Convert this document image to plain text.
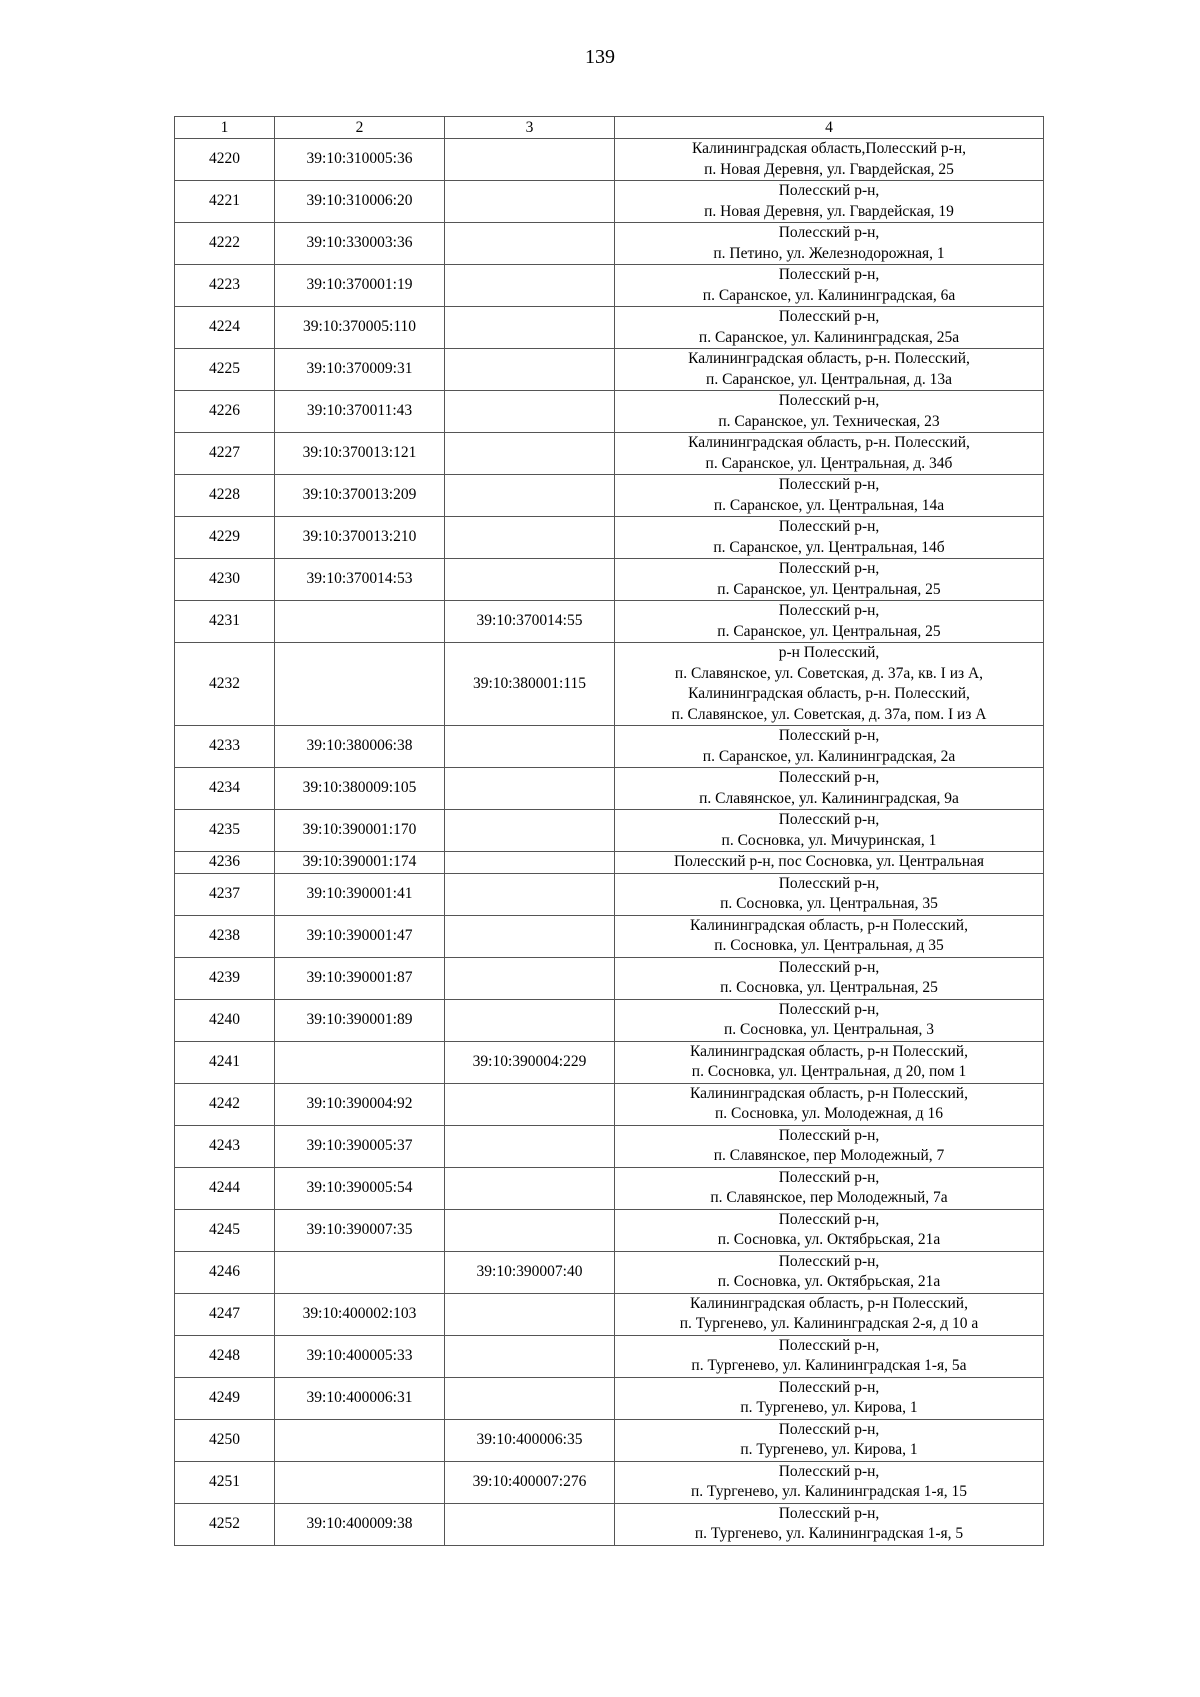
139
1	2	3	4
4220	39:10:310005:36		Калининградская область,Полесский р-н,
п. Новая Деревня, ул. Гвардейская, 25

4221	39:10:310006:20		Полесский р-н,
п. Новая Деревня, ул. Гвардейская, 19

4222	39:10:330003:36		Полесский р-н,
п. Петино, ул. Железнодорожная, 1

4223	39:10:370001:19		Полесский р-н,
п. Саранское, ул. Калининградская, 6а

4224	39:10:370005:110		Полесский р-н,
п. Саранское, ул. Калининградская, 25а

4225	39:10:370009:31		Калининградская область, р-н. Полесский,
п. Саранское, ул. Центральная, д. 13а

4226	39:10:370011:43		Полесский р-н,
п. Саранское, ул. Техническая, 23

4227	39:10:370013:121		Калининградская область, р-н. Полесский,
п. Саранское, ул. Центральная, д. 34б

4228	39:10:370013:209		Полесский р-н,
п. Саранское, ул. Центральная, 14а

4229	39:10:370013:210		Полесский р-н,
п. Саранское, ул. Центральная, 14б

4230	39:10:370014:53		Полесский р-н,
п. Саранское, ул. Центральная, 25

4231		39:10:370014:55	Полесский р-н,
п. Саранское, ул. Центральная, 25

4232		39:10:380001:115	р-н Полесский,
п. Славянское, ул. Советская, д. 37а, кв. I из А,
Калининградская область, р-н. Полесский,
п. Славянское, ул. Советская, д. 37а, пом. I из А

4233	39:10:380006:38		Полесский р-н,
п. Саранское, ул. Калининградская, 2а

4234	39:10:380009:105		Полесский р-н,
п. Славянское, ул. Калининградская, 9а

4235	39:10:390001:170		Полесский р-н,
п. Сосновка, ул. Мичуринская, 1

4236	39:10:390001:174		Полесский р-н, пос Сосновка, ул. Центральная

4237	39:10:390001:41		Полесский р-н,
п. Сосновка, ул. Центральная, 35

4238	39:10:390001:47		Калининградская область, р-н Полесский,
п. Сосновка, ул. Центральная, д 35

4239	39:10:390001:87		Полесский р-н,
п. Сосновка, ул. Центральная, 25

4240	39:10:390001:89		Полесский р-н,
п. Сосновка, ул. Центральная, 3

4241		39:10:390004:229	Калининградская область, р-н Полесский,
п. Сосновка, ул. Центральная, д 20, пом 1

4242	39:10:390004:92		Калининградская область, р-н Полесский,
п. Сосновка, ул. Молодежная, д 16

4243	39:10:390005:37		Полесский р-н,
п. Славянское, пер Молодежный, 7

4244	39:10:390005:54		Полесский р-н,
п. Славянское, пер Молодежный, 7а

4245	39:10:390007:35		Полесский р-н,
п. Сосновка, ул. Октябрьская, 21а

4246		39:10:390007:40	Полесский р-н,
п. Сосновка, ул. Октябрьская, 21а

4247	39:10:400002:103		Калининградская область, р-н Полесский,
п. Тургенево, ул. Калининградская 2-я, д 10 а

4248	39:10:400005:33		Полесский р-н,
п. Тургенево, ул. Калининградская 1-я, 5а

4249	39:10:400006:31		Полесский р-н,
п. Тургенево, ул. Кирова, 1

4250		39:10:400006:35	Полесский р-н,
п. Тургенево, ул. Кирова, 1

4251		39:10:400007:276	Полесский р-н,
п. Тургенево, ул. Калининградская 1-я, 15

4252	39:10:400009:38		Полесский р-н,
п. Тургенево, ул. Калининградская 1-я, 5
